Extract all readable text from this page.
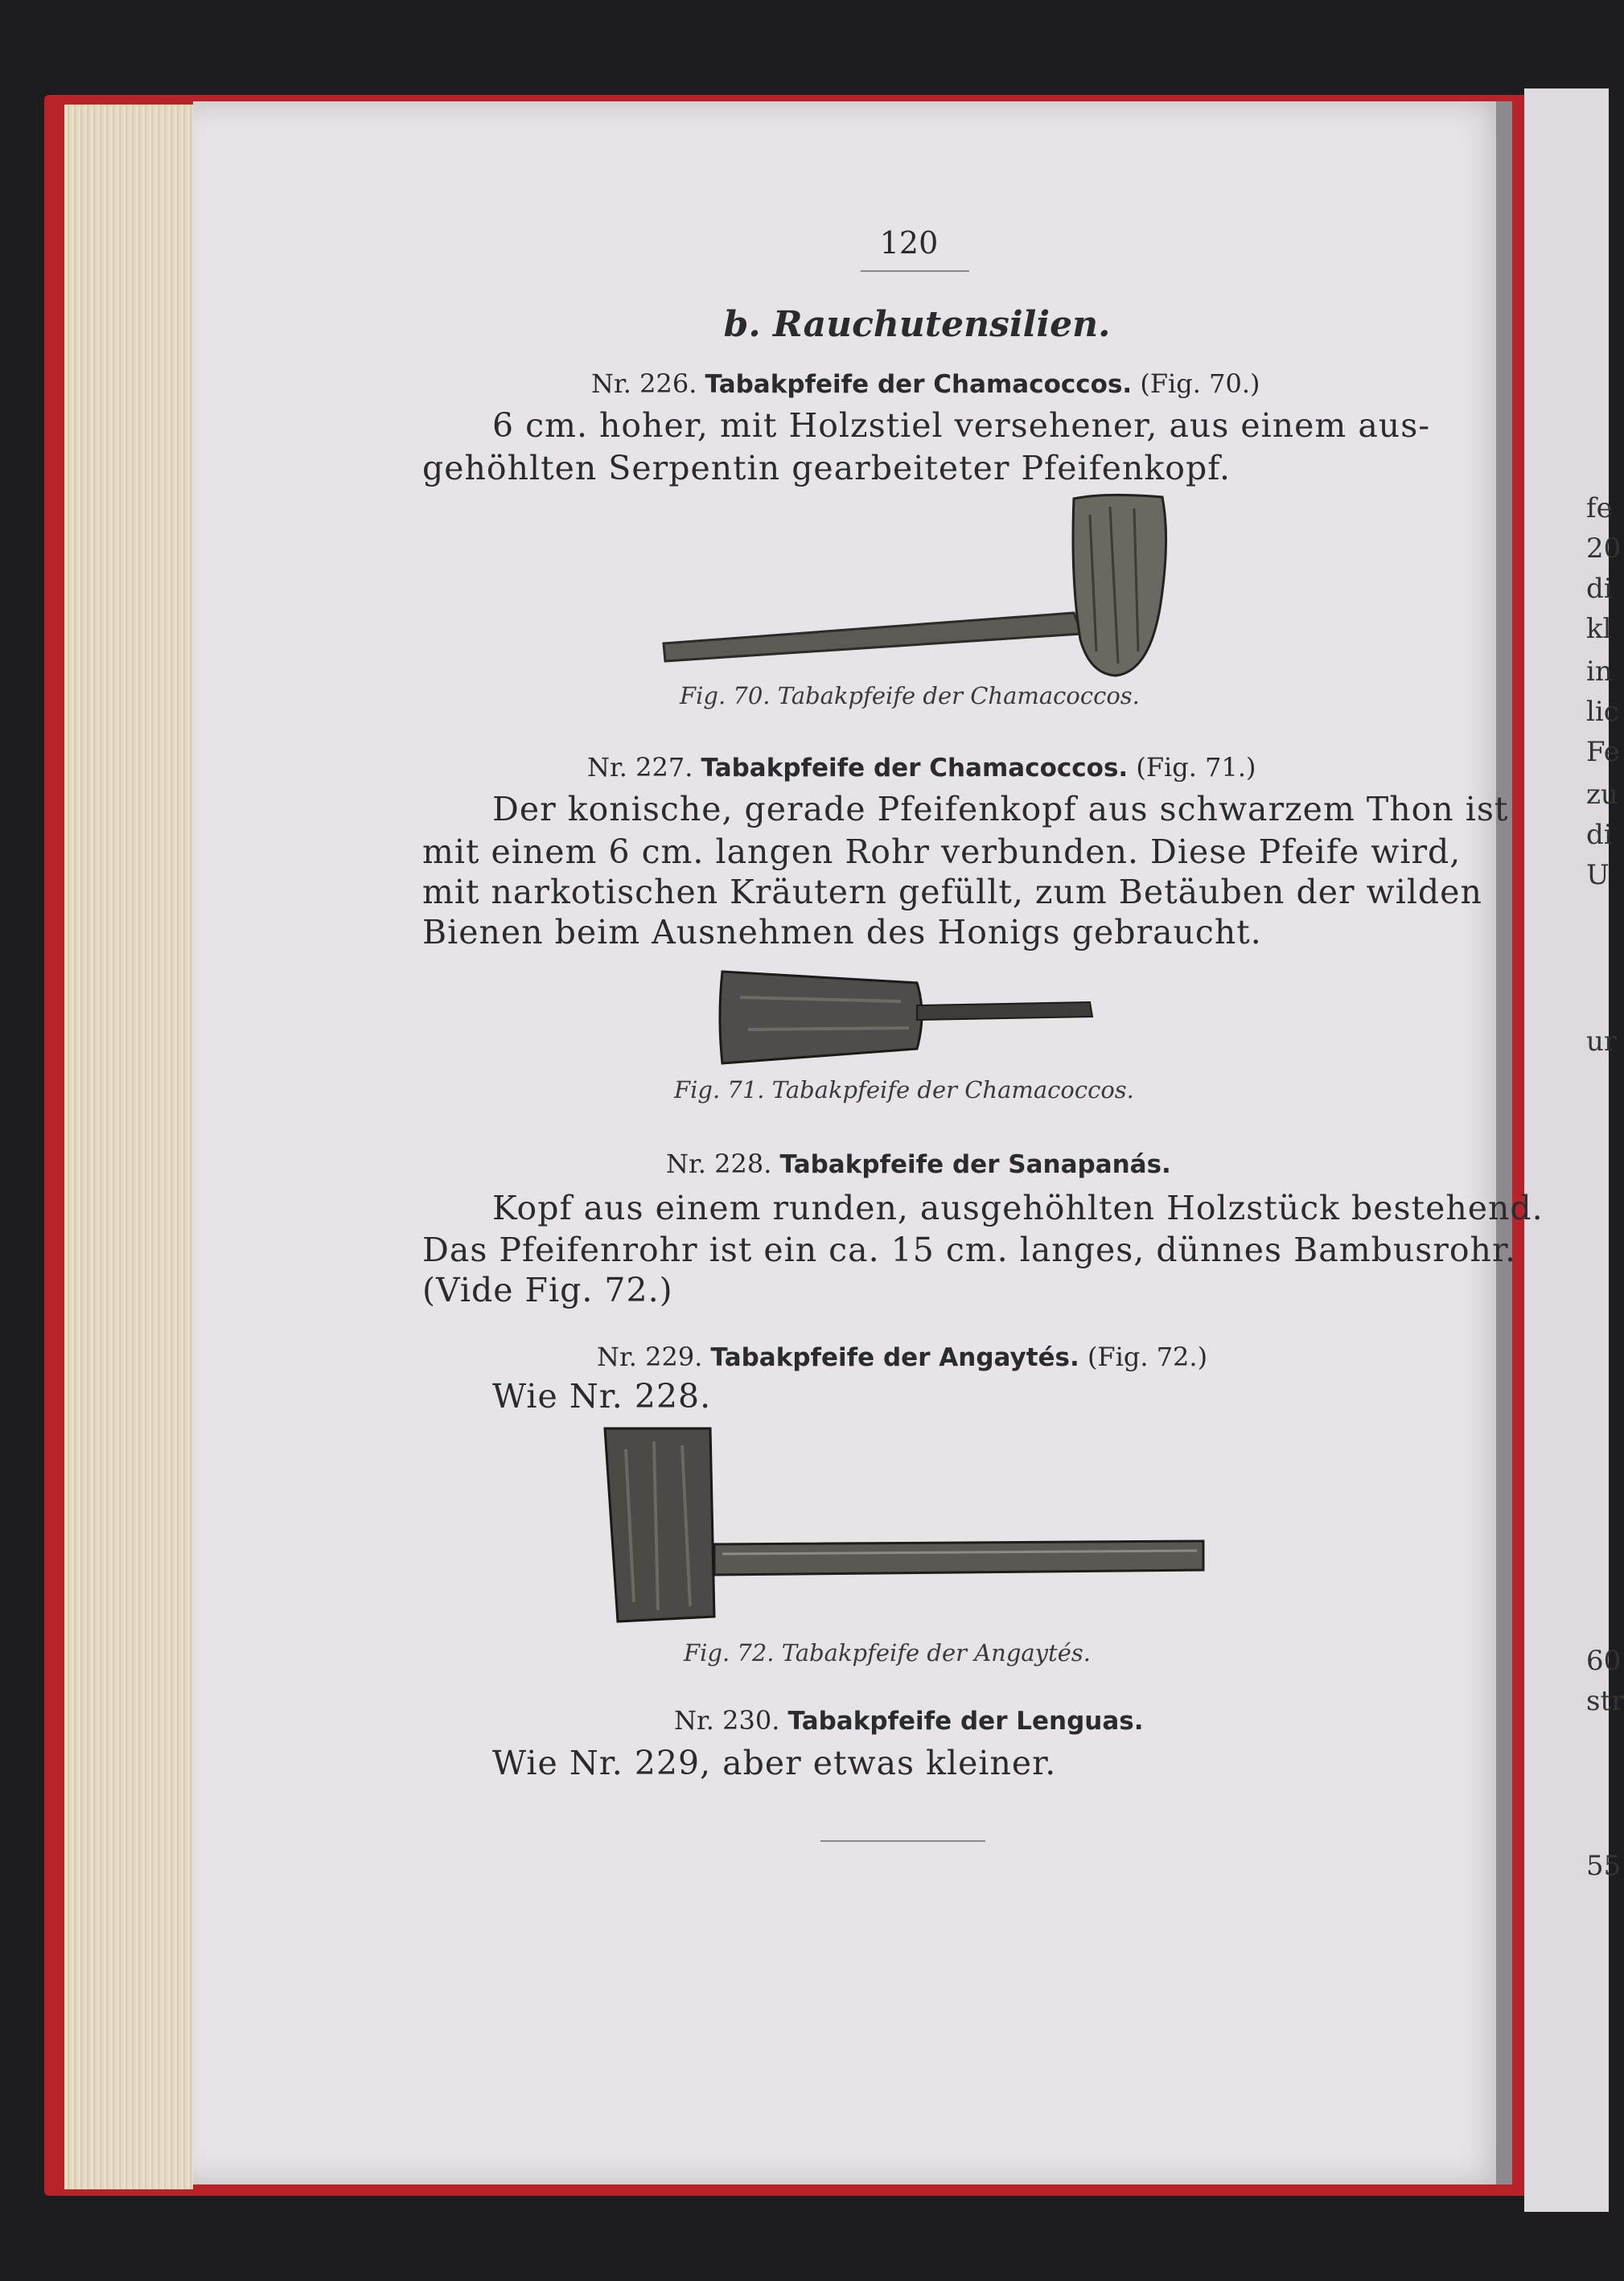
fe
20
di
kl
in
lic
Fe
zu
di
U
ur
60
str
55
120
b. Rauchutensilien.
Nr. 226. Tabakpfeife der Chamacoccos. (Fig. 70.)
6 cm. hoher, mit Holzstiel versehener, aus einem aus-
gehöhlten Serpentin gearbeiteter Pfeifenkopf.
Fig. 70. Tabakpfeife der Chamacoccos.
Nr. 227. Tabakpfeife der Chamacoccos. (Fig. 71.)
Der konische, gerade Pfeifenkopf aus schwarzem Thon ist
mit einem 6 cm. langen Rohr verbunden. Diese Pfeife wird,
mit narkotischen Kräutern gefüllt, zum Betäuben der wilden
Bienen beim Ausnehmen des Honigs gebraucht.
Fig. 71. Tabakpfeife der Chamacoccos.
Nr. 228. Tabakpfeife der Sanapanás.
Kopf aus einem runden, ausgehöhlten Holzstück bestehend.
Das Pfeifenrohr ist ein ca. 15 cm. langes, dünnes Bambusrohr.
(Vide Fig. 72.)
Nr. 229. Tabakpfeife der Angaytés. (Fig. 72.)
Wie Nr. 228.
Fig. 72. Tabakpfeife der Angaytés.
Nr. 230. Tabakpfeife der Lenguas.
Wie Nr. 229, aber etwas kleiner.
